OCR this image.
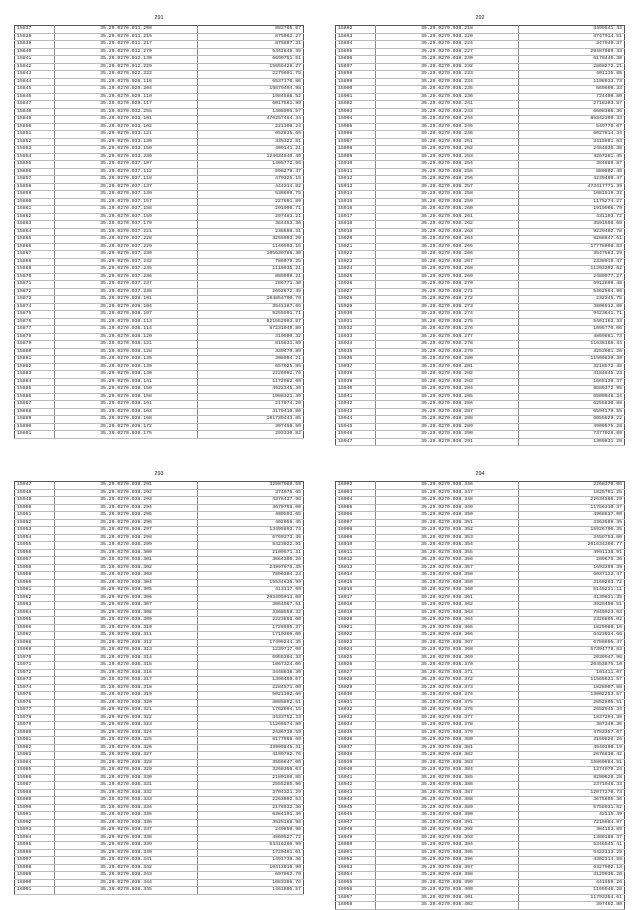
291
15837	35.29.0270.011.208	882785.87
15838	35.29.0270.011.215	875062.27
15839	35.29.0270.011.217	875807.31
15840	35.29.0270.012.270	5342848.35
15841	35.29.0270.012.130	6699751.51
15842	35.29.0270.012.229	15656428.27
15843	35.29.0270.022.222	2275691.75
15844	35.29.0270.026.116	6537170.86
15845	35.29.0270.029.204	19879494.98
15846	35.29.0270.029.110	1984586.52
15847	35.29.0270.029.117	6017561.99
15848	35.29.0270.032.255	1408995.57
15849	35.29.0270.033.101	476257464.34
15850	35.29.0270.033.102	221108.24
15851	35.29.0270.033.121	652835.65
15852	35.29.0270.033.130	335322.81
15853	35.29.0270.033.150	409141.21
15854	35.29.0270.033.230	124634840.40
15855	35.29.0270.037.107	1405772.65
15856	35.29.0270.037.112	598279.47
15857	35.29.0270.037.118	479325.15
15858	35.29.0270.037.137	444314.82
15859	35.29.0270.037.139	538699.75
15860	35.29.0270.037.157	227891.89
15861	35.29.0270.037.158	291998.71
15862	35.29.0270.037.159	297483.21
15863	35.29.0270.037.170	384453.36
15864	35.29.0270.037.221	238698.31
15865	35.29.0270.037.228	3255993.20
15866	35.29.0270.037.229	1146593.15
15867	35.29.0270.037.230	105630786.30
15868	35.29.0270.037.232	786079.25
15869	35.29.0270.037.235	1110935.21
15870	35.29.0270.037.236	889999.21
15871	35.29.0270.037.237	286771.40
15872	35.29.0270.037.238	2652672.45
15873	35.29.0270.038.101	104854790.79
15874	35.29.0270.038.104	3541187.66
15875	35.29.0270.038.107	5255591.71
15876	35.29.0270.038.113	621552993.87
15877	35.29.0270.038.114	87231049.89
15878	35.29.0270.038.120	310590.32
15879	35.29.0270.038.121	815631.89
15880	35.29.0270.038.128	339470.89
15881	35.29.0270.038.135	308994.21
15882	35.29.0270.038.139	657925.85
15883	35.29.0270.038.140	2226992.76
15884	35.29.0270.038.141	1172982.69
15885	35.29.0270.038.150	4922345.30
15886	35.29.0270.038.158	1988321.39
15887	35.29.0270.038.161	217074.20
15888	35.29.0270.038.163	3179410.80
15889	35.29.0270.038.168	101739443.85
15890	35.29.0270.038.172	307450.50
15891	35.29.0270.038.175	293330.82
292
15892	35.29.0270.038.218	4499541.43
15893	35.29.0270.038.220	4747914.51
15894	35.29.0270.038.224	347949.37
15895	35.29.0270.038.227	29487089.33
15896	35.29.0270.038.230	6178440.30
15897	35.29.0270.038.232	2868272.21
15898	35.29.0270.038.233	401115.85
15899	35.29.0270.038.234	1198833.73
15900	35.29.0270.038.235	669609.33
15901	35.29.0270.038.236	724409.80
15902	35.29.0270.038.241	2718393.87
15903	35.29.0270.038.243	6608386.36
15904	35.29.0270.038.244	85342390.33
15905	35.29.0270.038.245	549778.07
15906	35.29.0270.038.246	6027814.34
15907	35.29.0270.038.251	3415881.63
15908	35.29.0270.038.252	2484836.38
15909	35.29.0270.038.253	4267381.45
15910	35.29.0270.038.254	384889.87
15911	35.29.0270.038.255	880802.48
15912	35.29.0270.038.256	4239409.47
15913	35.29.0270.038.257	473417771.39
15914	35.29.0270.038.258	1081519.32
15915	35.29.0270.038.259	1175274.27
15916	35.29.0270.038.260	1919966.79
15917	35.29.0270.038.261	431193.72
15918	35.29.0270.038.262	3591598.69
15919	35.29.0270.038.263	9229402.78
15920	35.29.0270.038.264	8288847.61
15921	35.29.0270.038.265	17778008.83
15922	35.29.0270.038.266	3547583.29
15923	35.29.0270.038.267	2338919.47
15924	35.29.0270.038.268	11293302.62
15925	35.29.0270.038.269	2489977.27
15926	35.29.0270.038.270	6912899.48
15927	35.29.0270.038.271	5462564.96
15928	35.29.0270.038.272	232345.75
15929	35.29.0270.038.273	3806512.80
15930	35.29.0270.038.274	9423641.71
15931	35.29.0270.038.275	5401163.33
15932	35.29.0270.038.276	1095770.06
15933	35.29.0270.038.277	4869881.73
15934	35.29.0270.038.278	11638168.44
15935	35.29.0270.038.279	3253081.26
15936	35.29.0270.038.280	11509839.30
15937	35.29.0270.038.281	3218572.48
15938	35.29.0270.038.282	4184845.23
15939	35.29.0270.038.283	1665139.37
15940	35.29.0270.038.284	9589372.95
15941	35.29.0270.038.285	6500048.34
15942	35.29.0270.038.286	6255830.88
15943	35.29.0270.038.287	6594179.55
15944	35.29.0270.038.288	6055629.22
15945	35.29.0270.038.289	4909575.28
15946	35.29.0270.038.290	7377028.89
15947	35.29.0270.038.291	1369831.29
293
15947	35.29.0270.038.291	32987089.59
15948	35.29.0270.038.292	374076.65
15949	35.29.0270.038.293	4376437.98
15950	35.29.0270.038.294	3670758.00
15951	35.29.0270.038.295	409593.65
15952	35.29.0270.038.296	402058.45
15953	35.29.0270.038.297	13495893.74
15954	35.29.0270.038.298	6769373.45
15955	35.29.0270.038.299	5423022.91
15956	35.29.0270.038.300	2109571.31
15957	35.29.0270.038.301	3864306.26
15958	35.29.0270.038.302	24997076.35
15959	35.29.0270.038.303	7896304.23
15960	35.29.0270.038.304	15534636.99
15961	35.29.0270.038.305	413117.69
15962	35.29.0270.038.306	203495013.08
15963	35.29.0270.038.307	3064967.51
15964	35.29.0270.038.308	3368558.32
15965	35.29.0270.038.309	2223856.00
15966	35.29.0270.038.310	1728995.37
15967	35.29.0270.038.311	1719369.00
15968	35.29.0270.038.312	17496244.35
15969	35.29.0270.038.313	1239717.00
15970	35.29.0270.038.314	6955304.33
15971	35.29.0270.038.315	1067324.06
15972	35.29.0270.038.316	3448638.30
15973	35.29.0270.038.317	1396459.07
15974	35.29.0270.038.318	2284571.00
15975	35.29.0270.038.319	5021102.68
15976	35.29.0270.038.320	3085892.51
15977	35.29.0270.038.321	1762994.15
15978	35.29.0270.038.322	3433752.33
15979	35.29.0270.038.323	11266574.80
15980	35.29.0270.038.324	2436739.59
15981	35.29.0270.038.325	8177958.69
15982	35.29.0270.038.326	43999845.31
15983	35.29.0270.038.327	4199782.76
15984	35.29.0270.038.328	3556647.00
15985	35.29.0270.038.329	3268356.03
15986	35.29.0270.038.330	2180188.85
15987	35.29.0270.038.331	2555285.96
15988	35.29.0270.038.332	3704321.29
15989	35.29.0270.038.333	2263092.53
15990	35.29.0270.038.334	2178932.36
15991	35.29.0270.038.335	6384191.36
15992	35.29.0270.038.336	3525168.98
15993	35.29.0270.038.337	249850.90
15994	35.29.0270.038.338	4860527.72
15995	35.29.0270.038.339	53316286.99
15996	35.29.0270.038.340	1720461.01
15997	35.29.0270.038.341	1491738.36
15998	35.29.0270.038.342	10413010.90
15999	35.29.0270.038.343	697062.79
16000	35.29.0270.038.344	1683398.76
16001	35.29.0270.038.345	1461805.57
294
16002	35.29.0270.038.346	2268370.06
16003	35.29.0270.038.347	1825761.25
16004	35.29.0270.038.348	22634566.29
16005	35.29.0270.038.349	11756310.37
16006	35.29.0270.038.350	4968637.00
16007	35.29.0270.038.351	3363589.35
16008	35.29.0270.038.352	15926706.35
16009	35.29.0270.038.353	3459753.80
16010	35.29.0270.038.354	201634398.77
16011	35.29.0270.038.355	4991138.91
16012	35.29.0270.038.356	289675.36
16013	35.29.0270.038.357	1693399.39
16014	35.29.0270.038.358	6037133.47
16015	35.29.0270.038.359	3160263.72
16016	35.29.0270.038.360	5145231.11
16017	35.29.0270.038.361	4139631.35
16018	35.29.0270.038.362	3925490.51
16019	35.29.0270.038.363	7849923.03
16020	35.29.0270.038.364	2326895.02
16021	35.29.0270.038.365	1829980.16
16022	35.29.0270.038.366	6423034.66
16023	35.29.0270.038.367	6758895.47
16024	35.29.0270.038.368	57394779.83
16025	35.29.0270.038.369	2039947.96
16026	35.29.0270.038.370	20453875.10
16027	35.29.0270.038.371	101411.07
16028	35.29.0270.038.372	11565631.57
16029	35.29.0270.038.373	1828907.88
16030	35.29.0270.038.374	13002253.57
16031	35.29.0270.038.375	2852895.51
16032	35.29.0270.038.376	2652945.34
16033	35.29.0270.038.377	1837294.38
16034	35.29.0270.038.378	387349.36
16035	35.29.0270.038.379	4783357.07
16036	35.29.0270.038.380	3159828.26
16037	35.29.0270.038.381	4640190.19
16038	35.29.0270.038.382	2676830.42
16039	35.29.0270.038.383	15860884.51
16040	35.29.0270.038.384	1374979.24
16041	35.29.0270.038.385	8290629.28
16042	35.29.0270.038.386	2371946.33
16043	35.29.0270.038.387	12077270.73
16044	35.29.0270.038.388	3675695.36
16045	35.29.0270.038.389	5758931.52
16046	35.29.0270.038.390	42115.49
16047	35.29.0270.038.391	7216684.97
16048	35.29.0270.038.392	384153.89
16049	35.29.0270.038.393	1386188.37
16050	35.29.0270.038.394	5346545.41
16051	35.29.0270.038.395	5422113.29
16052	35.29.0270.038.396	4302114.56
16053	35.29.0270.038.397	6327992.13
16054	35.29.0270.038.398	3129936.20
16055	35.29.0270.038.399	441650.26
16056	35.29.0270.038.400	1165946.28
16057	35.29.0270.038.401	11793354.61
16058	35.29.0270.038.402	397462.80
